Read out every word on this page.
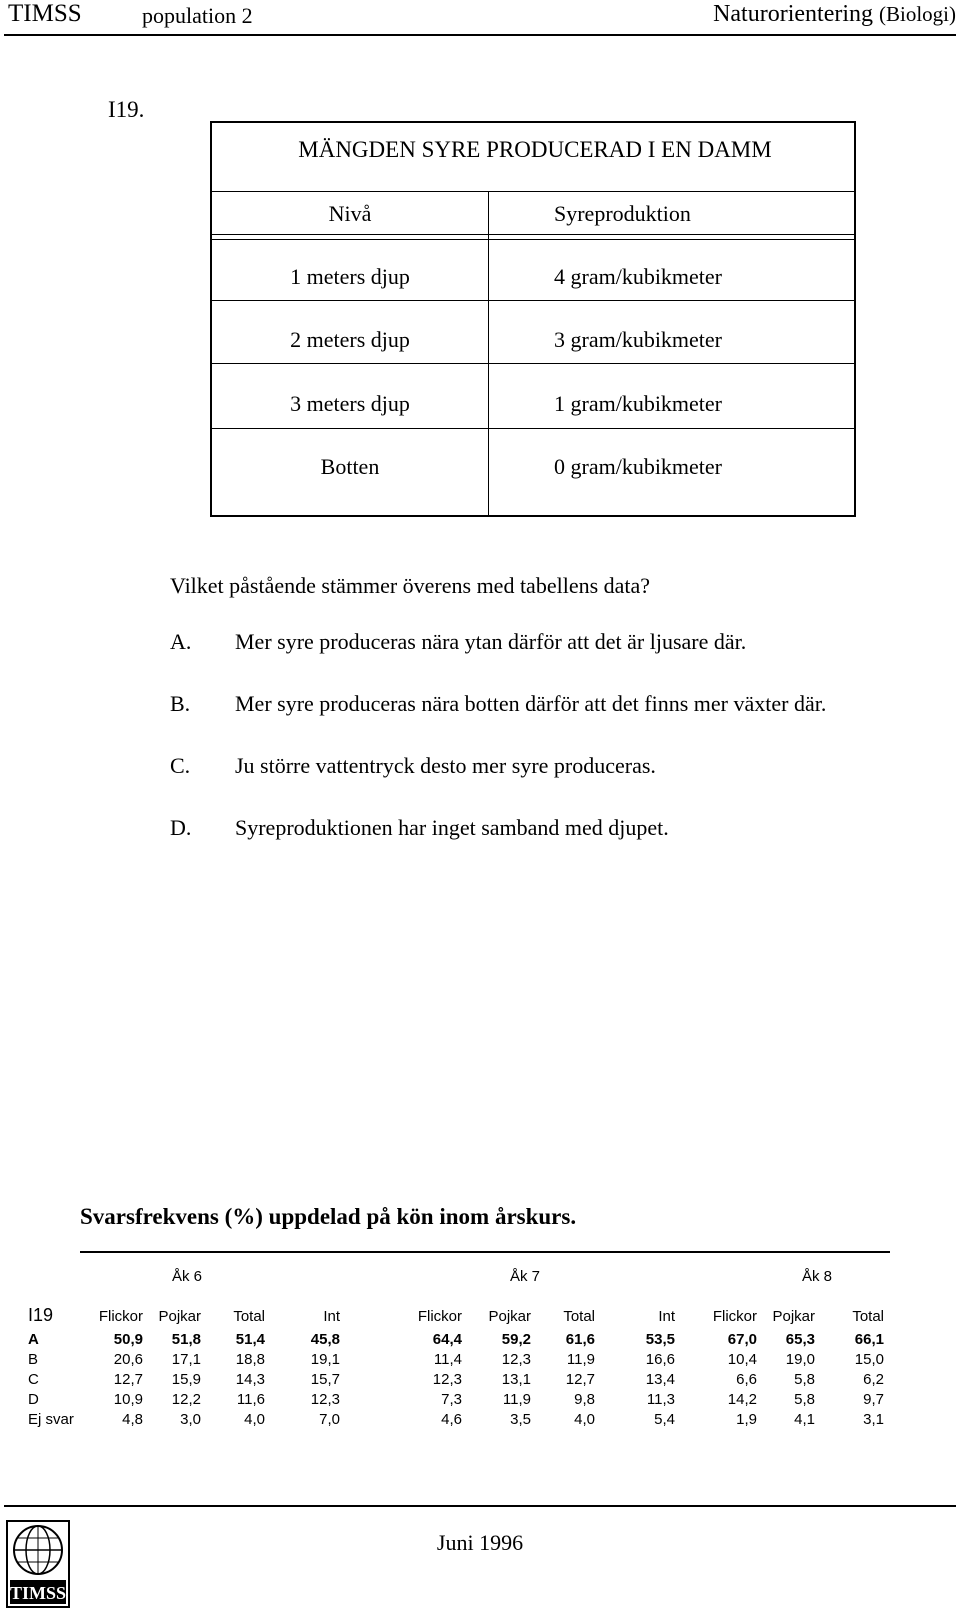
TIMSS	population 2	Naturorientering (Biologi)
I19.
MÄNGDEN SYRE PRODUCERAD I EN DAMM
Nivå	Syreproduktion
1 meters djup	4 gram/kubikmeter
2 meters djup	3 gram/kubikmeter
3 meters djup	1 gram/kubikmeter
Botten	0 gram/kubikmeter
Vilket påstående stämmer överens med tabellens data?
A. Mer syre produceras nära ytan därför att det är ljusare där.
B. Mer syre produceras nära botten därför att det finns mer växter där.
C. Ju större vattentryck desto mer syre produceras.
D. Syreproduktionen har inget samband med djupet.
Svarsfrekvens (%) uppdelad på kön inom årskurs.
Åk 6	Åk 7	Åk 8
I19	Flickor	Pojkar	Total	Int	Flickor	Pojkar	Total	Int	Flickor	Pojkar	Total
A	50,9	51,8	51,4	45,8	64,4	59,2	61,6	53,5	67,0	65,3	66,1
B	20,6	17,1	18,8	19,1	11,4	12,3	11,9	16,6	10,4	19,0	15,0
C	12,7	15,9	14,3	15,7	12,3	13,1	12,7	13,4	6,6	5,8	6,2
D	10,9	12,2	11,6	12,3	7,3	11,9	9,8	11,3	14,2	5,8	9,7
Ej svar	4,8	3,0	4,0	7,0	4,6	3,5	4,0	5,4	1,9	4,1	3,1
Juni 1996
TIMSS
